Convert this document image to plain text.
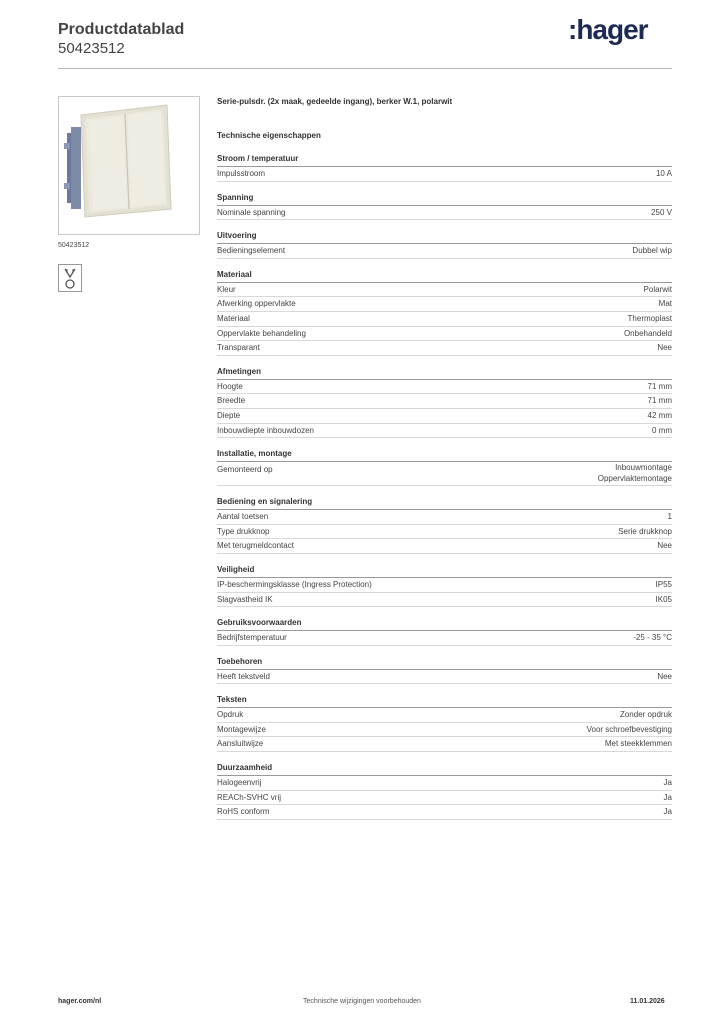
Productdatablad
50423512
:hager
50423512
Serie-pulsdr. (2x maak, gedeelde ingang), berker W.1, polarwit
Technische eigenschappen
Stroom / temperatuur
Impulsstroom	10 A
Spanning
Nominale spanning	250 V
Uitvoering
Bedieningselement	Dubbel wip
Materiaal
Kleur	Polarwit
Afwerking oppervlakte	Mat
Materiaal	Thermoplast
Oppervlakte behandeling	Onbehandeld
Transparant	Nee
Afmetingen
Hoogte	71 mm
Breedte	71 mm
Diepte	42 mm
Inbouwdiepte inbouwdozen	0 mm
Installatie, montage
Gemonteerd op	Inbouwmontage
Oppervlaktemontage
Bediening en signalering
Aantal toetsen	1
Type drukknop	Serie drukknop
Met terugmeldcontact	Nee
Veiligheid
IP-beschermingsklasse (Ingress Protection)	IP55
Slagvastheid IK	IK05
Gebruiksvoorwaarden
Bedrijfstemperatuur	-25 - 35 °C
Toebehoren
Heeft tekstveld	Nee
Teksten
Opdruk	Zonder opdruk
Montagewijze	Voor schroefbevestiging
Aansluitwijze	Met steekklemmen
Duurzaamheid
Halogeenvrij	Ja
REACh-SVHC vrij	Ja
RoHS conform	Ja
hager.com/nl	Technische wijzigingen voorbehouden	11.01.2026
